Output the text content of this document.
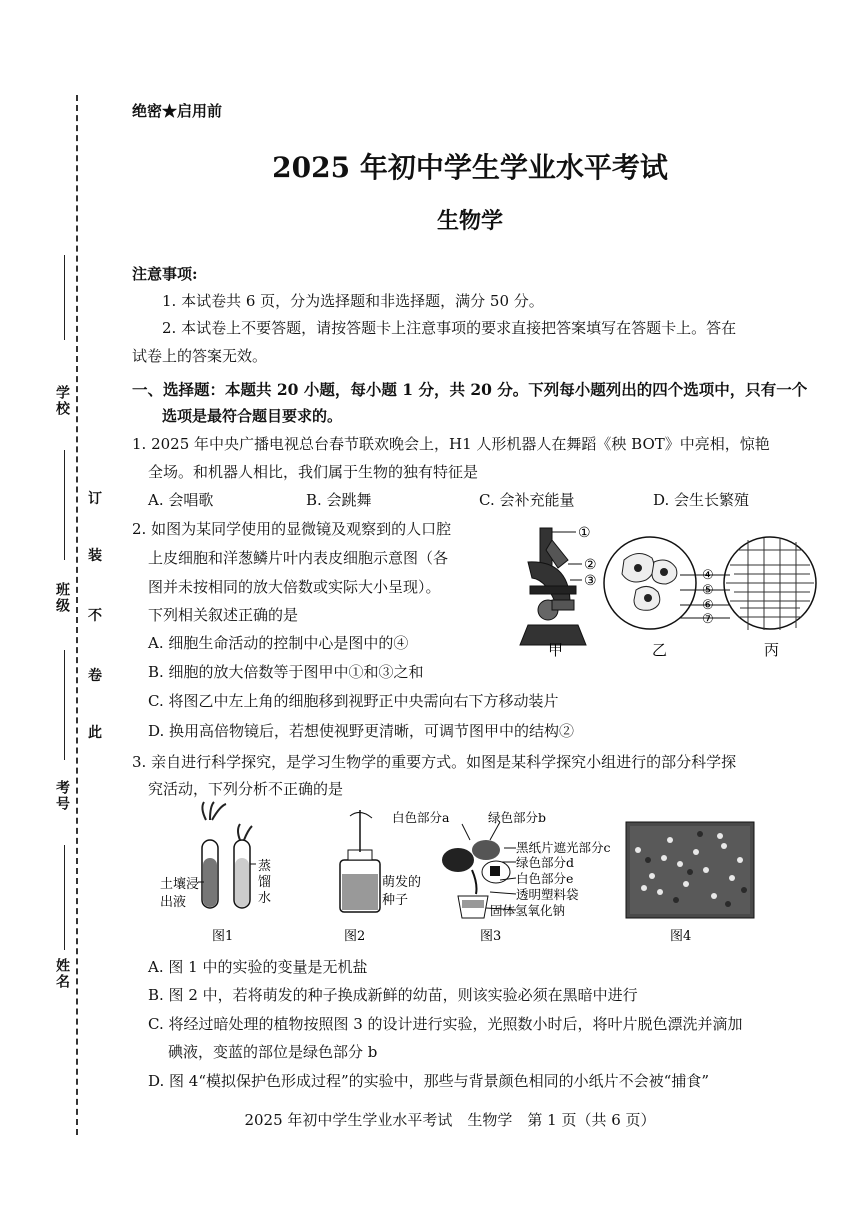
学校
班级
考号
姓名
订
装
不
卷
此
绝密★启用前
2025 年初中学生学业水平考试
生物学
注意事项:
1. 本试卷共 6 页，分为选择题和非选择题，满分 50 分。
2. 本试卷上不要答题，请按答题卡上注意事项的要求直接把答案填写在答题卡上。答在
试卷上的答案无效。
一、选择题：本题共 20 小题，每小题 1 分，共 20 分。下列每小题列出的四个选项中，只有一个
选项是最符合题目要求的。
1. 2025 年中央广播电视总台春节联欢晚会上，H1 人形机器人在舞蹈《秧 BOT》中亮相，惊艳
全场。和机器人相比，我们属于生物的独有特征是
A. 会唱歌	B. 会跳舞	C. 会补充能量	D. 会生长繁殖
2. 如图为某同学使用的显微镜及观察到的人口腔
上皮细胞和洋葱鳞片叶内表皮细胞示意图（各
图并未按相同的放大倍数或实际大小呈现）。
下列相关叙述正确的是
A. 细胞生命活动的控制中心是图中的④
B. 细胞的放大倍数等于图甲中①和③之和
C. 将图乙中左上角的细胞移到视野正中央需向右下方移动装片
D. 换用高倍物镜后，若想使视野更清晰，可调节图甲中的结构②
①
②
③	④
⑤
⑥
⑦
甲	乙	丙
3. 亲自进行科学探究，是学习生物学的重要方式。如图是某科学探究小组进行的部分科学探
究活动，下列分析不正确的是
土壤浸
出液
蒸
馏
水
图1
萌发的
种子
图2
白色部分a	绿色部分b
黑纸片遮光部分c
绿色部分d
白色部分e
透明塑料袋
固体氢氧化钠
图3	图4
A. 图 1 中的实验的变量是无机盐
B. 图 2 中，若将萌发的种子换成新鲜的幼苗，则该实验必须在黑暗中进行
C. 将经过暗处理的植物按照图 3 的设计进行实验，光照数小时后，将叶片脱色漂洗并滴加
碘液，变蓝的部位是绿色部分 b
D. 图 4“模拟保护色形成过程”的实验中，那些与背景颜色相同的小纸片不会被“捕食”
2025 年初中学生学业水平考试　生物学　第 1 页（共 6 页）
